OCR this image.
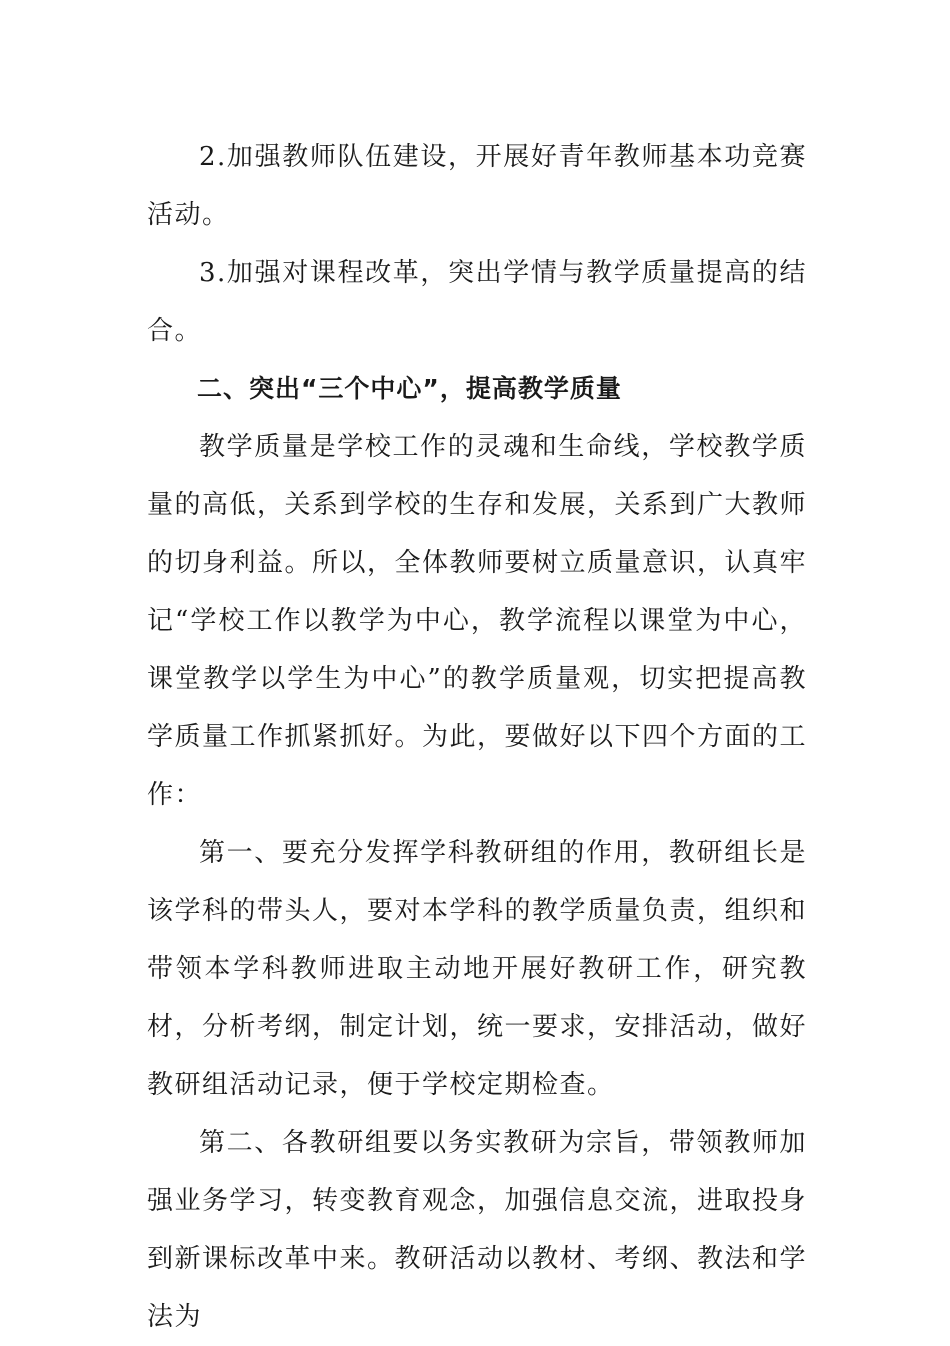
2.加强教师队伍建设，开展好青年教师基本功竞赛活动。

3.加强对课程改革，突出学情与教学质量提高的结合。

二、突出“三个中心”，提高教学质量

教学质量是学校工作的灵魂和生命线，学校教学质量的高低，关系到学校的生存和发展，关系到广大教师的切身利益。所以，全体教师要树立质量意识，认真牢记“学校工作以教学为中心，教学流程以课堂为中心，课堂教学以学生为中心”的教学质量观，切实把提高教学质量工作抓紧抓好。为此，要做好以下四个方面的工作：

第一、要充分发挥学科教研组的作用，教研组长是该学科的带头人，要对本学科的教学质量负责，组织和带领本学科教师进取主动地开展好教研工作，研究教材，分析考纲，制定计划，统一要求，安排活动，做好教研组活动记录，便于学校定期检查。

第二、各教研组要以务实教研为宗旨，带领教师加强业务学习，转变教育观念，加强信息交流，进取投身到新课标改革中来。教研活动以教材、考纲、教法和学法为
